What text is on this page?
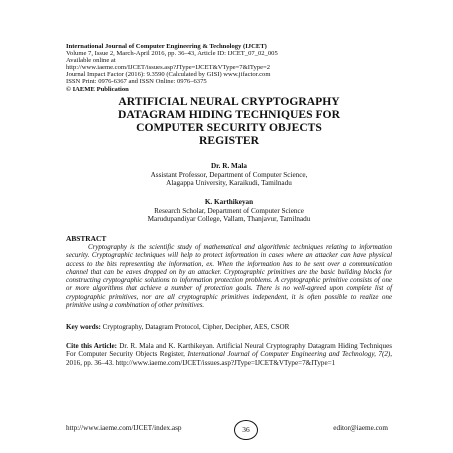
International Journal of Computer Engineering & Technology (IJCET)
Volume 7, Issue 2, March-April 2016, pp. 36–43, Article ID: IJCET_07_02_005
Available online at
http://www.iaeme.com/IJCET/issues.asp?JType=IJCET&VType=7&IType=2
Journal Impact Factor (2016): 9.3590 (Calculated by GISI) www.jifactor.com
ISSN Print: 0976-6367 and ISSN Online: 0976–6375
© IAEME Publication
ARTIFICIAL NEURAL CRYPTOGRAPHY
DATAGRAM HIDING TECHNIQUES FOR
COMPUTER SECURITY OBJECTS
REGISTER
Dr. R. Mala
Assistant Professor, Department of Computer Science,
Alagappa University, Karaikudi, Tamilnadu
K. Karthikeyan
Research Scholar, Department of Computer Science
Marudupandiyar College, Vallam, Thanjavur, Tamilnadu
ABSTRACT
Cryptography is the scientific study of mathematical and algorithmic techniques relating to information security. Cryptographic techniques will help to protect information in cases where an attacker can have physical access to the bits representing the information, ex. When the information has to be sent over a communication channel that can be eaves dropped on by an attacker. Cryptographic primitives are the basic building blocks for constructing cryptographic solutions to information protection problems. A cryptographic primitive consists of one or more algorithms that achieve a number of protection goals. There is no well-agreed upon complete list of cryptographic primitives, nor are all cryptographic primitives independent, it is often possible to realize one primitive using a combination of other primitives.
Key words: Cryptography, Datagram Protocol, Cipher, Decipher, AES, CSOR
Cite this Article: Dr. R. Mala and K. Karthikeyan. Artificial Neural Cryptography Datagram Hiding Techniques For Computer Security Objects Register, International Journal of Computer Engineering and Technology, 7(2), 2016, pp. 36–43. http://www.iaeme.com/IJCET/issues.asp?JType=IJCET&VType=7&IType=1
http://www.iaeme.com/IJCET/index.asp	36	editor@iaeme.com
